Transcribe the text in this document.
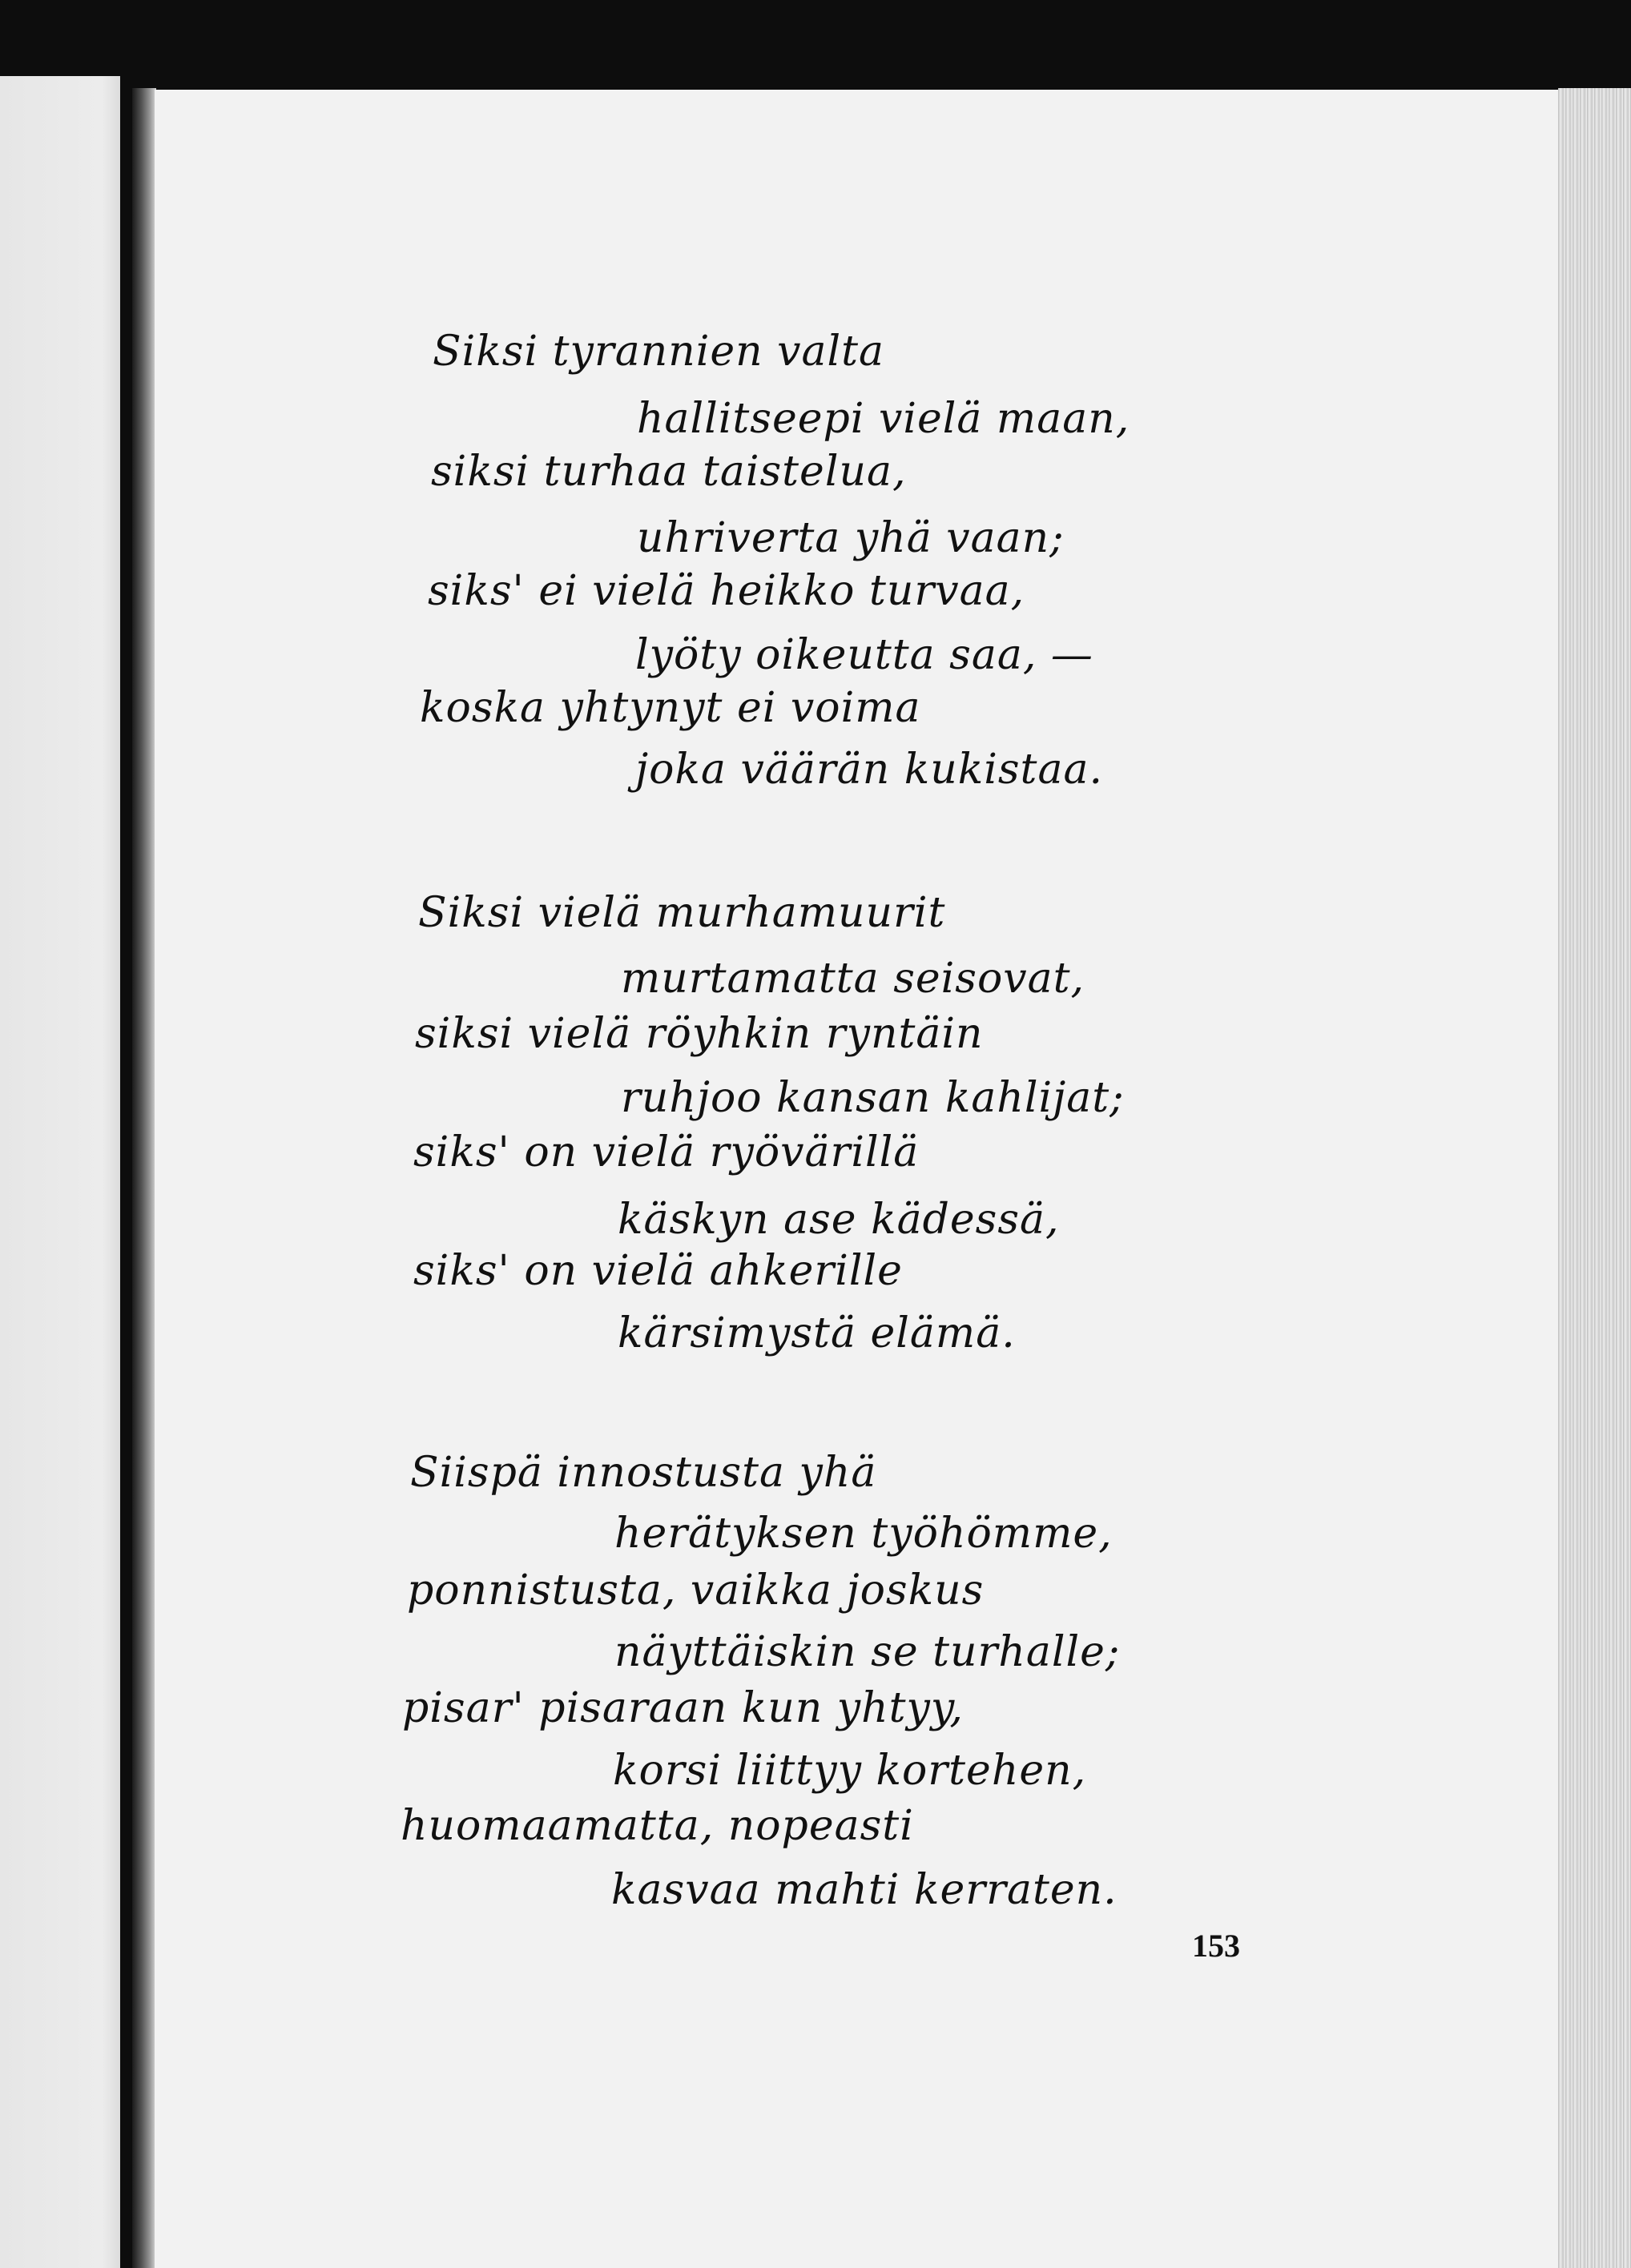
Siksi tyrannien valta
hallitseepi vielä maan,
siksi turhaa taistelua,
uhriverta yhä vaan;
siks' ei vielä heikko turvaa,
lyöty oikeutta saa, —
koska yhtynyt ei voima
joka väärän kukistaa.
Siksi vielä murhamuurit
murtamatta seisovat,
siksi vielä röyhkin ryntäin
ruhjoo kansan kahlijat;
siks' on vielä ryövärillä
käskyn ase kädessä,
siks' on vielä ahkerille
kärsimystä elämä.
Siispä innostusta yhä
herätyksen työhömme,
ponnistusta, vaikka joskus
näyttäiskin se turhalle;
pisar' pisaraan kun yhtyy,
korsi liittyy kortehen,
huomaamatta, nopeasti
kasvaa mahti kerraten.
153
